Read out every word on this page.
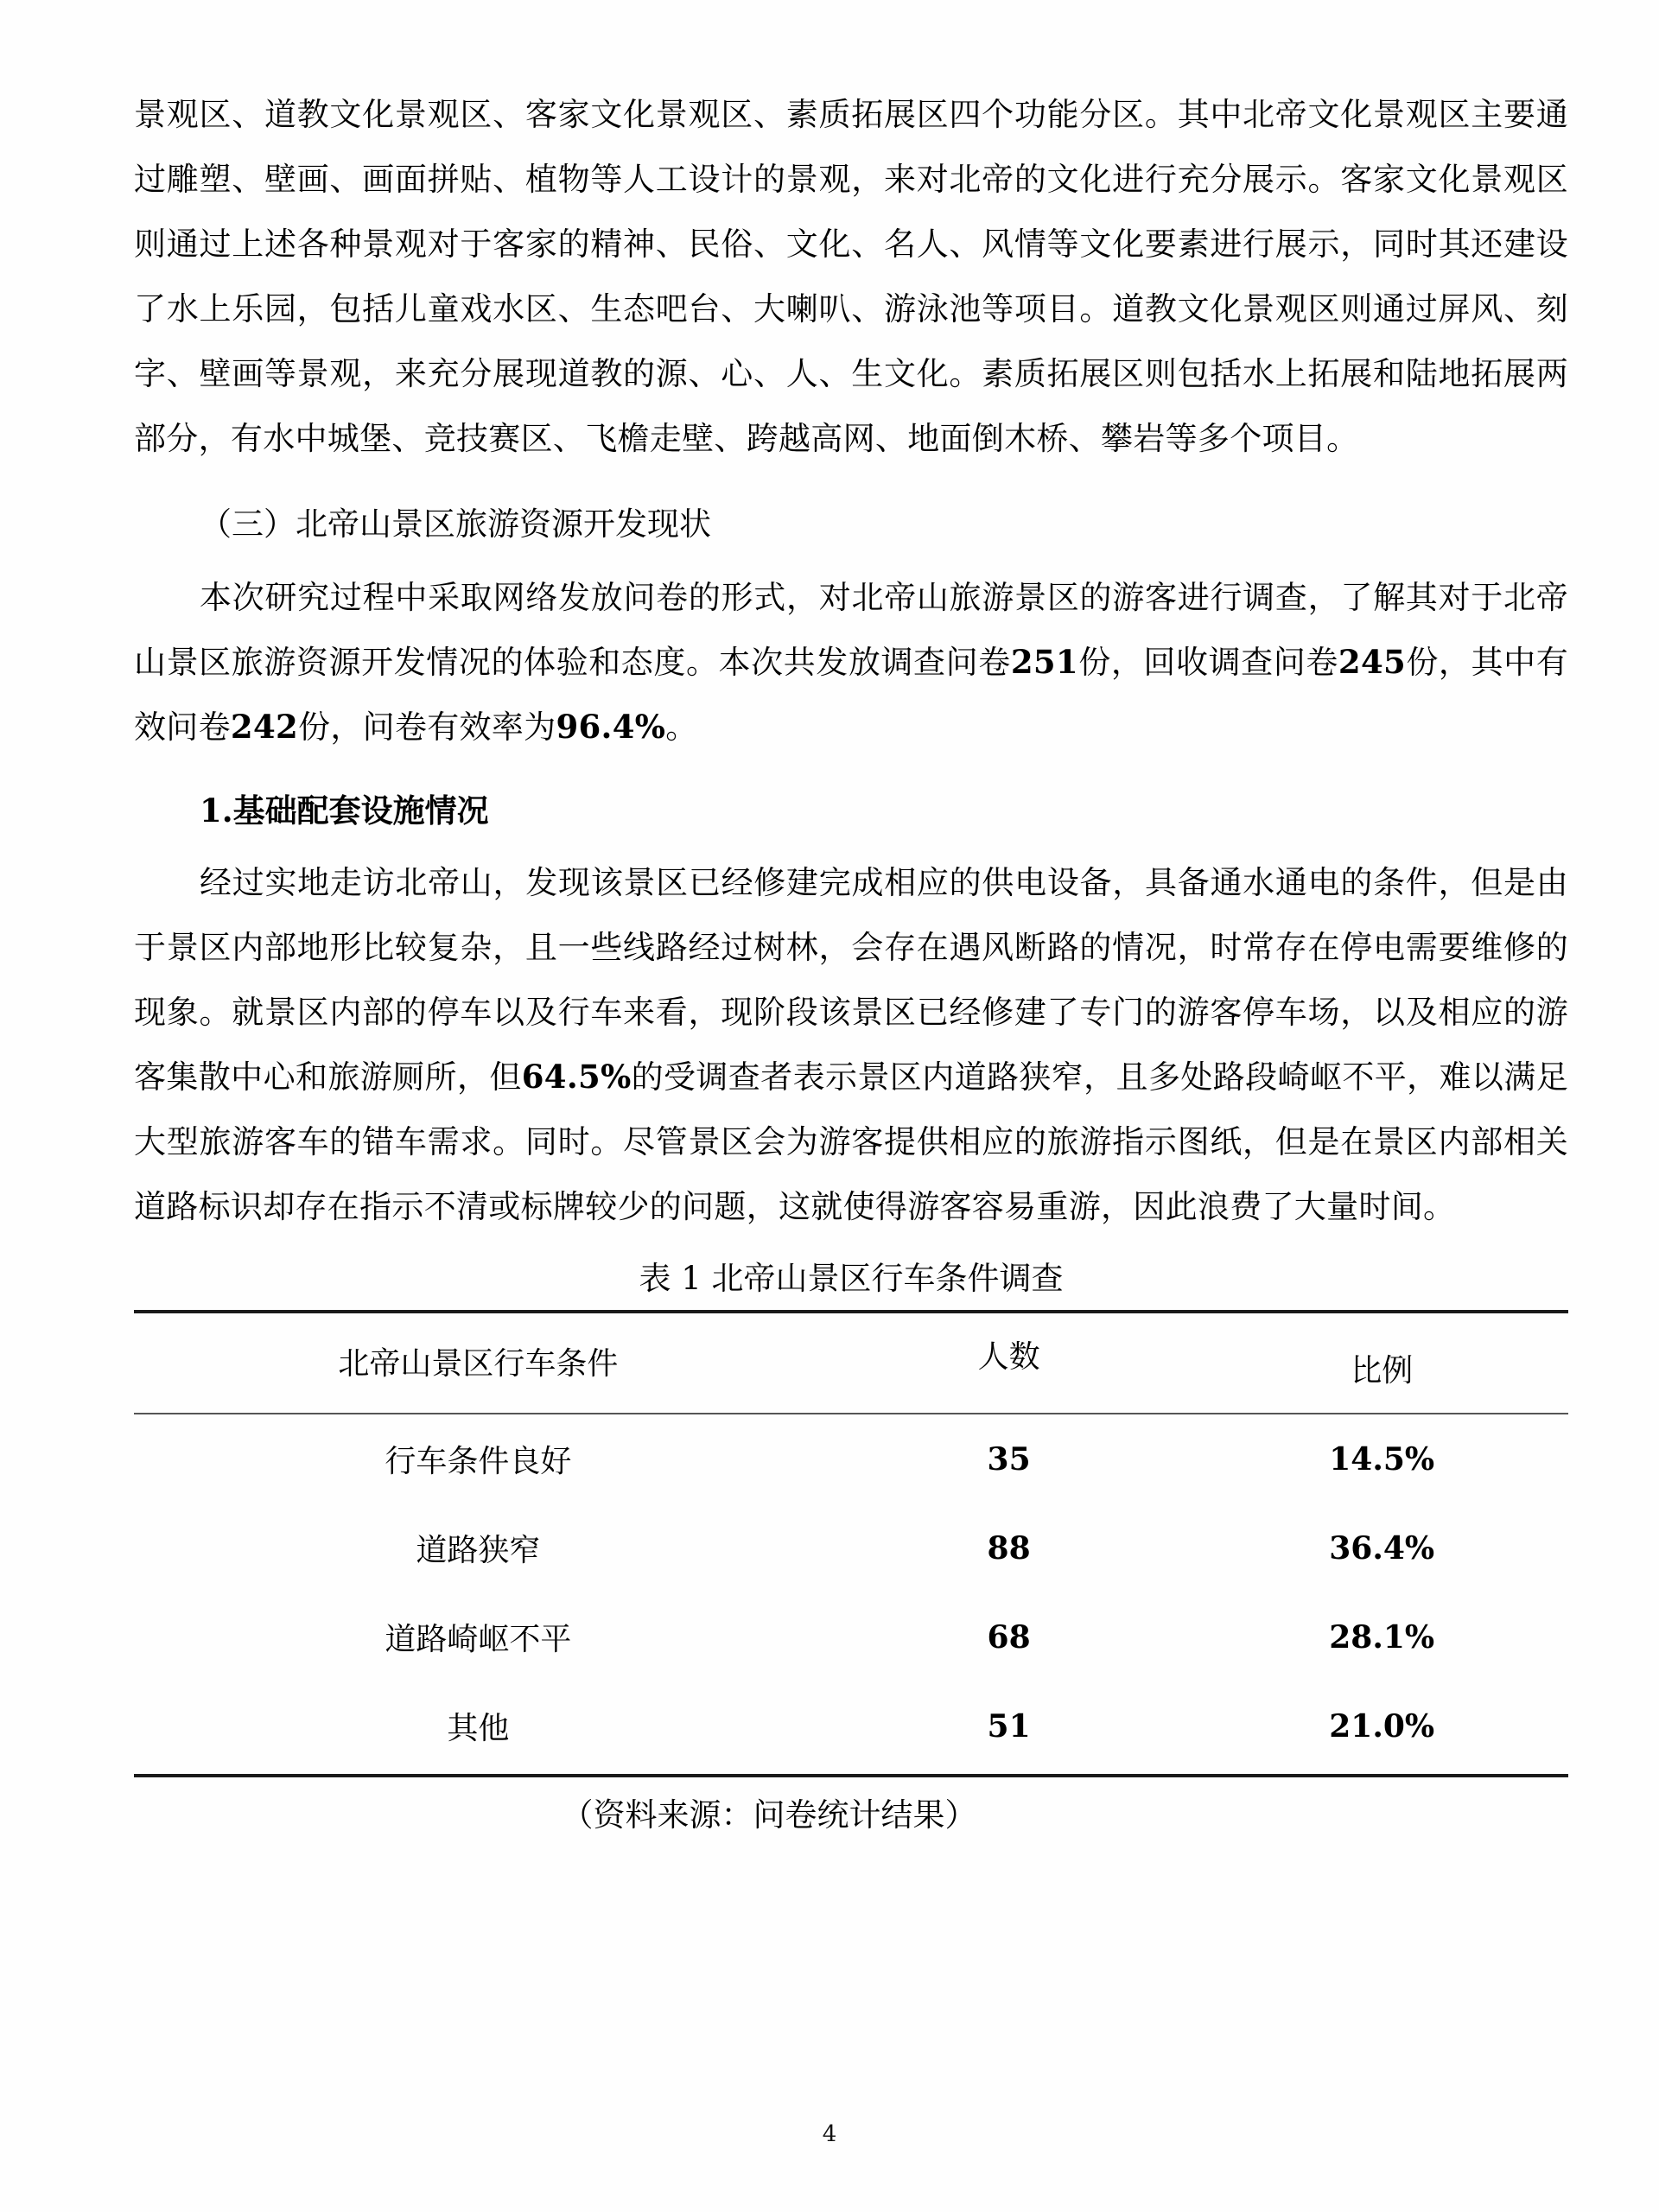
景观区、道教文化景观区、客家文化景观区、素质拓展区四个功能分区。其中北帝文化景观区主要通过雕塑、壁画、画面拼贴、植物等人工设计的景观，来对北帝的文化进行充分展示。客家文化景观区则通过上述各种景观对于客家的精神、民俗、文化、名人、风情等文化要素进行展示，同时其还建设了水上乐园，包括儿童戏水区、生态吧台、大喇叭、游泳池等项目。道教文化景观区则通过屏风、刻字、壁画等景观，来充分展现道教的源、心、人、生文化。素质拓展区则包括水上拓展和陆地拓展两部分，有水中城堡、竞技赛区、飞檐走壁、跨越高网、地面倒木桥、攀岩等多个项目。

（三）北帝山景区旅游资源开发现状

本次研究过程中采取网络发放问卷的形式，对北帝山旅游景区的游客进行调查，了解其对于北帝山景区旅游资源开发情况的体验和态度。本次共发放调查问卷251份，回收调查问卷245份，其中有效问卷242份，问卷有效率为96.4%。

1.基础配套设施情况

经过实地走访北帝山，发现该景区已经修建完成相应的供电设备，具备通水通电的条件，但是由于景区内部地形比较复杂，且一些线路经过树林，会存在遇风断路的情况，时常存在停电需要维修的现象。就景区内部的停车以及行车来看，现阶段该景区已经修建了专门的游客停车场，以及相应的游客集散中心和旅游厕所，但64.5%的受调查者表示景区内道路狭窄，且多处路段崎岖不平，难以满足大型旅游客车的错车需求。同时。尽管景区会为游客提供相应的旅游指示图纸，但是在景区内部相关道路标识却存在指示不清或标牌较少的问题，这就使得游客容易重游，因此浪费了大量时间。

表 1 北帝山景区行车条件调查
北帝山景区行车条件	人数	比例

行车条件良好	35	14.5%
道路狭窄	88	36.4%
道路崎岖不平	68	28.1%
其他	51	21.0%
（资料来源：问卷统计结果）
4
